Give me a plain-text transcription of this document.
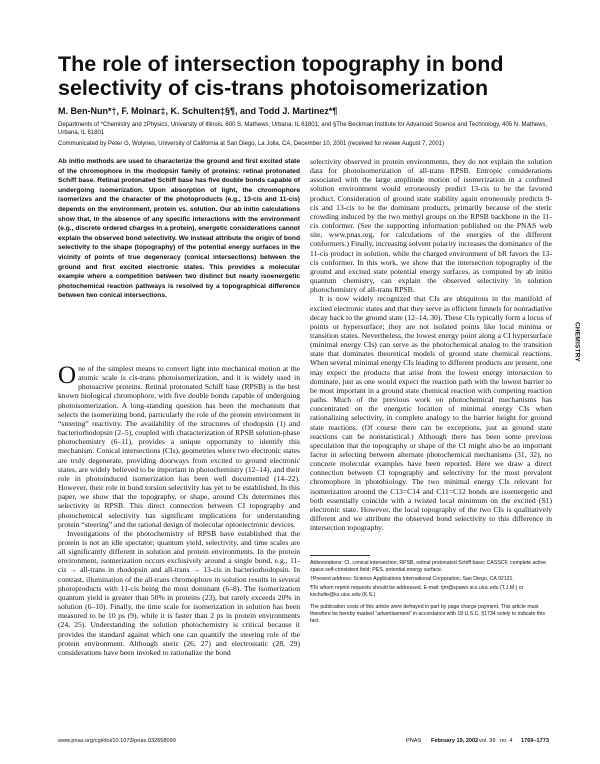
The role of intersection topography in bond selectivity of cis-trans photoisomerization
M. Ben-Nun*†, F. Molnar‡, K. Schulten‡§¶, and Todd J. Martinez*¶
Departments of *Chemistry and ‡Physics, University of Illinois, 600 S. Mathews, Urbana, IL 61801; and §The Beckman Institute for Advanced Science and Technology, 405 N. Mathews, Urbana, IL 61801
Communicated by Peter G. Wolynes, University of California at San Diego, La Jolla, CA, December 10, 2001 (received for review August 7, 2001)

Ab initio methods are used to characterize the ground and first excited state of the chromophore in the rhodopsin family of proteins: retinal protonated Schiff base. Retinal protonated Schiff base has five double bonds capable of undergoing isomerization. Upon absorption of light, the chromophore isomerizes and the character of the photoproducts (e.g., 13-cis and 11-cis) depends on the environment, protein vs. solution. Our ab initio calculations show that, in the absence of any specific interactions with the environment (e.g., discrete ordered charges in a protein), energetic considerations cannot explain the observed bond selectivity. We instead attribute the origin of bond selectivity to the shape (topography) of the potential energy surfaces in the vicinity of points of true degeneracy (conical intersections) between the ground and first excited electronic states. This provides a molecular example where a competition between two distinct but nearly isoenergetic photochemical reaction pathways is resolved by a topographical difference between two conical intersections.

One of the simplest means to convert light into mechanical motion at the atomic scale is cis-trans photoisomerization, and it is widely used in photoactive proteins. Retinal protonated Schiff base (RPSB) is the best known biological chromophore, with five double bonds capable of undergoing photoisomerization. A long-standing question has been the mechanism that selects the isomerizing bond, particularly the role of the protein environment in “steering” reactivity. The availability of the structures of rhodopsin (1) and bacteriorhodopsin (2–5), coupled with characterization of RPSB solution-phase photochemistry (6–11), provides a unique opportunity to identify this mechanism. Conical intersections (CIs), geometries where two electronic states are truly degenerate, providing doorways from excited to ground electronic states, are widely believed to be important in photochemistry (12–14), and their role in photoinduced isomerization has been well documented (14–22). However, their role in bond torsion selectivity has yet to be established. In this paper, we show that the topography, or shape, around CIs determines this selectivity in RPSB. This direct connection between CI topography and photochemical selectivity has significant implications for understanding protein “steering” and the rational design of molecular optoelectronic devices.

Investigations of the photochemistry of RPSB have established that the protein is not an idle spectator; quantum yield, selectivity, and time scales are all significantly different in solution and protein environments. In the protein environment, isomerization occurs exclusively around a single bond, e.g., 11-cis → all-trans in rhodopsin and all-trans → 13-cis in bacteriorhodopsin. In contrast, illumination of the all-trans chromophore in solution results in several photoproducts with 11-cis being the most dominant (6–8). The isomerization quantum yield is greater than 50% in proteins (23), but rarely exceeds 20% in solution (6–10). Finally, the time scale for isomerization in solution has been measured to be 10 ps (9), while it is faster than 2 ps in protein environments (24, 25). Understanding the solution photochemistry is critical because it provides the standard against which one can quantify the steering role of the protein environment. Although steric (26, 27) and electrostatic (28, 29) considerations have been invoked to rationalize the bond

selectivity observed in protein environments, they do not explain the solution data for photoisomerization of all-trans RPSB. Entropic considerations associated with the large amplitude motion of isomerization in a confined solution environment would erroneously predict 13-cis to be the favored product. Consideration of ground state stability again erroneously predicts 9-cis and 13-cis to be the dominant products, primarily because of the steric crowding induced by the two methyl groups on the RPSB backbone in the 11-cis conformer. (See the supporting information published on the PNAS web site, www.pnas.org, for calculations of the energies of the different conformers.) Finally, increasing solvent polarity increases the dominance of the 11-cis product in solution, while the charged environment of bR favors the 13-cis conformer. In this work, we show that the intersection topography of the ground and excited state potential energy surfaces, as computed by ab initio quantum chemistry, can explain the observed selectivity in solution photochemistry of all-trans RPSB.

It is now widely recognized that CIs are ubiquitous in the manifold of excited electronic states and that they serve as efficient funnels for nonradiative decay back to the ground state (12–14, 30). These CIs typically form a locus of points or hypersurface; they are not isolated points like local minima or transition states. Nevertheless, the lowest energy point along a CI hypersurface (minimal energy CIs) can serve as the photochemical analog to the transition state that dominates theoretical models of ground state chemical reactions. When several minimal energy CIs leading to different products are present, one may expect the products that arise from the lowest energy intersection to dominate, just as one would expect the reaction path with the lowest barrier to be most important in a ground state chemical reaction with competing reaction paths. Much of the previous work on photochemical mechanisms has concentrated on the energetic location of minimal energy CIs when rationalizing selectivity, in complete analogy to the barrier height for ground state reactions. (Of course there can be exceptions, just as ground state reactions can be nonstatistical.) Although there has been some previous speculation that the topography or shape of the CI might also be an important factor in selecting between alternate photochemical mechanisms (31, 32), no concrete molecular examples have been reported. Here we draw a direct connection between CI topography and selectivity for the most prevalent chromophore in photobiology. The two minimal energy CIs relevant for isomerization around the C13=C14 and C11=C12 bonds are isoenergetic and both essentially coincide with a twisted local minimum on the excited (S1) electronic state. However, the local topography of the two CIs is qualitatively different and we attribute the observed bond selectivity to this difference in intersection topography.

Abbreviations: CI, conical intersection; RPSB, retinal protonated Schiff base; CASSCF, complete active space self-consistent field; PES, potential energy surface.

†Present address: Science Applications International Corporation, San Diego, CA 92121.

¶To whom reprint requests should be addressed. E-mail: tjm@spawn.scs.uiuc.edu (T.J.M.) or kschulte@ks.uiuc.edu (K.S.).

The publication costs of this article were defrayed in part by page charge payment. This article must therefore be hereby marked “advertisement” in accordance with 18 U.S.C. §1734 solely to indicate this fact.

CHEMISTRY
www.pnas.org/cgi/doi/10.1073/pnas.032658099	PNAS February 19, 2002 vol. 99 no. 4 1769–1773
